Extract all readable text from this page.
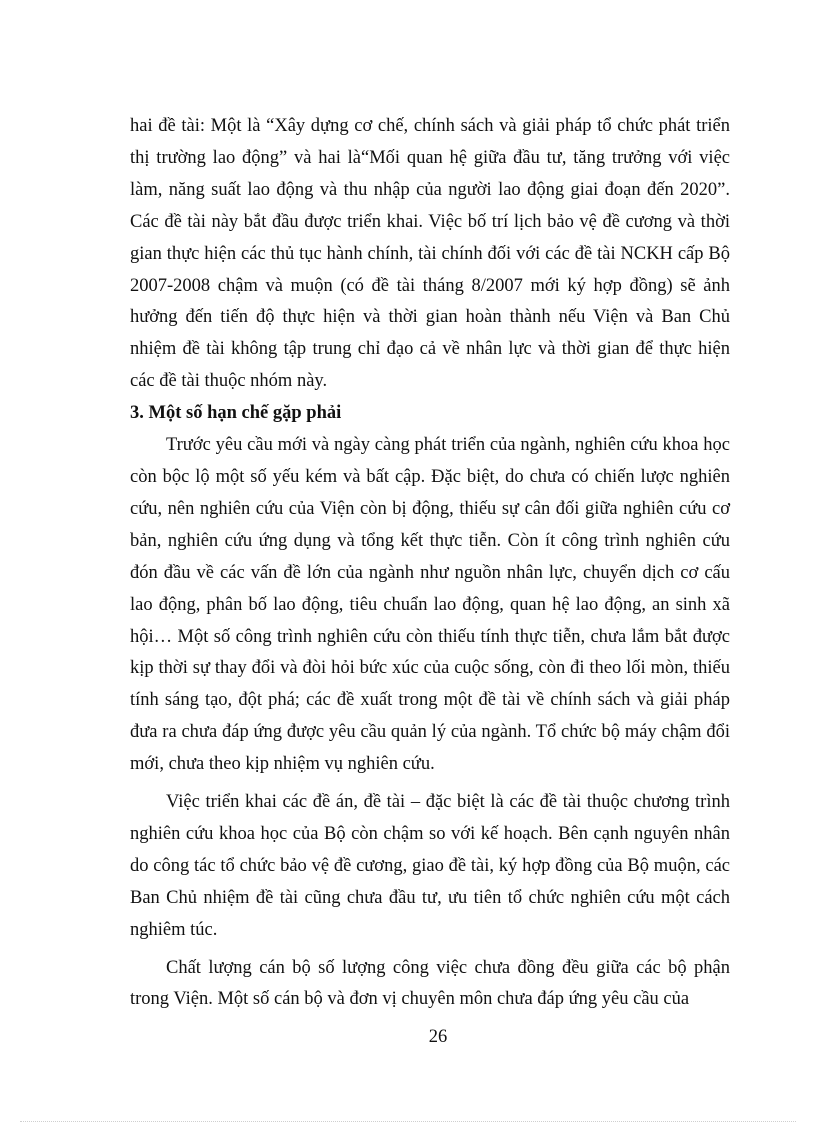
hai đề tài: Một là “Xây dựng cơ chế, chính sách và giải pháp tổ chức phát triển thị trường lao động” và hai là“Mối quan hệ giữa đầu tư, tăng trưởng với việc làm, năng suất lao động và thu nhập của người lao động giai đoạn đến 2020”. Các đề tài này bắt đầu được triển khai. Việc bố trí lịch bảo vệ đề cương và thời gian thực hiện các thủ tục hành chính, tài chính đối với các đề tài NCKH cấp Bộ 2007-2008 chậm và muộn (có đề tài tháng 8/2007 mới ký hợp đồng) sẽ ảnh hưởng đến tiến độ thực hiện và thời gian hoàn thành nếu Viện và Ban Chủ nhiệm đề tài không tập trung chỉ đạo cả về nhân lực và thời gian để thực hiện các đề tài thuộc nhóm này.

3. Một số hạn chế gặp phải

Trước yêu cầu mới và ngày càng phát triển của ngành, nghiên cứu khoa học còn bộc lộ một số yếu kém và bất cập. Đặc biệt, do chưa có chiến lược nghiên cứu, nên nghiên cứu của Viện còn bị động, thiếu sự cân đối giữa nghiên cứu cơ bản, nghiên cứu ứng dụng và tổng kết thực tiễn. Còn ít công trình nghiên cứu đón đầu về các vấn đề lớn của ngành như nguồn nhân lực, chuyển dịch cơ cấu lao động, phân bố lao động, tiêu chuẩn lao động, quan hệ lao động, an sinh xã hội… Một số công trình nghiên cứu còn thiếu tính thực tiễn, chưa lắm bắt được kịp thời sự thay đổi và đòi hỏi bức xúc của cuộc sống, còn đi theo lối mòn, thiếu tính sáng tạo, đột phá; các đề xuất trong một đề tài về chính sách và giải pháp đưa ra chưa đáp ứng được yêu cầu quản lý của ngành. Tổ chức bộ máy chậm đổi mới, chưa theo kịp nhiệm vụ nghiên cứu.

Việc triển khai các đề án, đề tài – đặc biệt là các đề tài thuộc chương trình nghiên cứu khoa học của Bộ còn chậm so với kế hoạch. Bên cạnh nguyên nhân do công tác tổ chức bảo vệ đề cương, giao đề tài, ký hợp đồng của Bộ muộn, các Ban Chủ nhiệm đề tài cũng chưa đầu tư, ưu tiên tổ chức nghiên cứu một cách nghiêm túc.

Chất lượng cán bộ số lượng công việc chưa đồng đều giữa các bộ phận trong Viện. Một số cán bộ và đơn vị chuyên môn chưa đáp ứng yêu cầu của

26
